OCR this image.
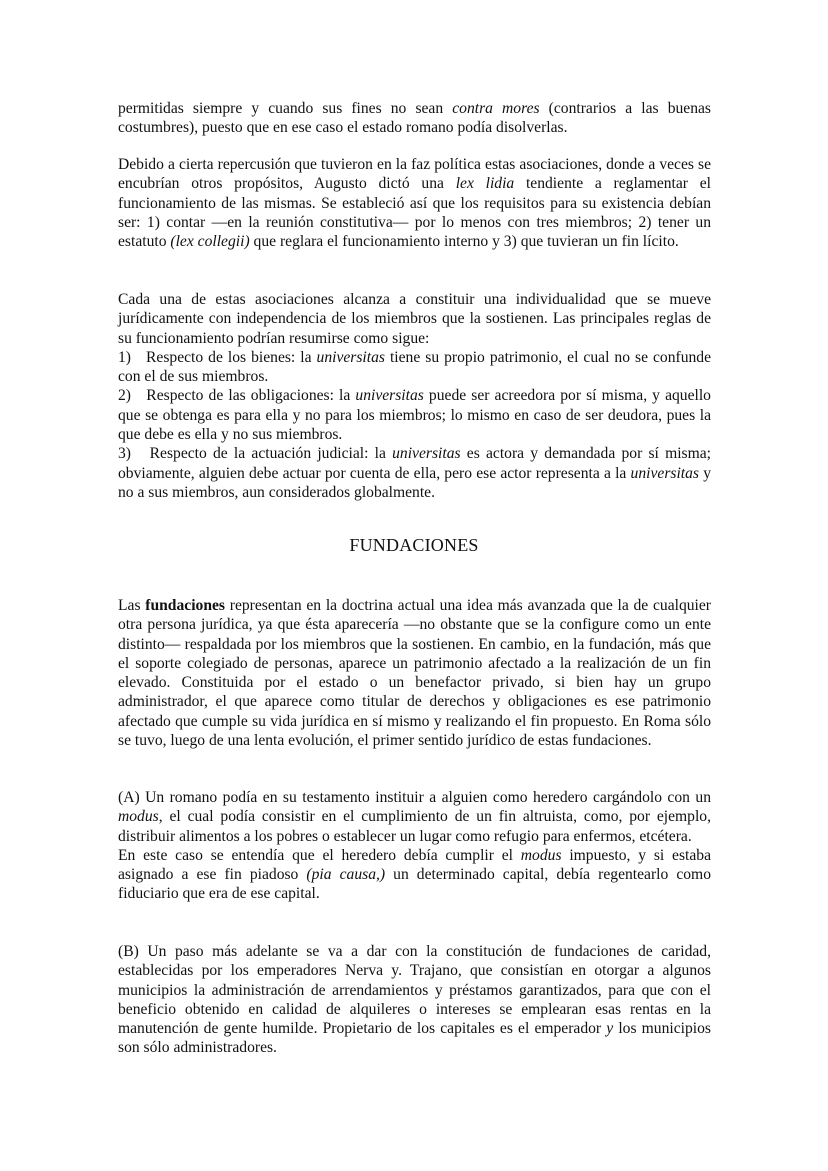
permitidas siempre y cuando sus fines no sean contra mores (contrarios a las buenas costumbres), puesto que en ese caso el estado romano podía disolverlas.
Debido a cierta repercusión que tuvieron en la faz política estas asociaciones, donde a veces se encubrían otros propósitos, Augusto dictó una lex lidia tendiente a reglamentar el funcionamiento de las mismas. Se estableció así que los requisitos para su existencia debían ser: 1) contar —en la reunión constitutiva— por lo menos con tres miembros; 2) tener un estatuto (lex collegii) que reglara el funcionamiento interno y 3) que tuvieran un fin lícito.
Cada una de estas asociaciones alcanza a constituir una individualidad que se mueve jurídicamente con independencia de los miembros que la sostienen. Las principales reglas de su funcionamiento podrían resumirse como sigue:
1) Respecto de los bienes: la universitas tiene su propio patrimonio, el cual no se confunde con el de sus miembros.
2) Respecto de las obligaciones: la universitas puede ser acreedora por sí misma, y aquello que se obtenga es para ella y no para los miembros; lo mismo en caso de ser deudora, pues la que debe es ella y no sus miembros.
3) Respecto de la actuación judicial: la universitas es actora y demandada por sí misma; obviamente, alguien debe actuar por cuenta de ella, pero ese actor representa a la universitas y no a sus miembros, aun considerados globalmente.
FUNDACIONES
Las fundaciones representan en la doctrina actual una idea más avanzada que la de cualquier otra persona jurídica, ya que ésta aparecería —no obstante que se la configure como un ente distinto— respaldada por los miembros que la sostienen. En cambio, en la fundación, más que el soporte colegiado de personas, aparece un patrimonio afectado a la realización de un fin elevado. Constituida por el estado o un benefactor privado, si bien hay un grupo administrador, el que aparece como titular de derechos y obligaciones es ese patrimonio afectado que cumple su vida jurídica en sí mismo y realizando el fin propuesto. En Roma sólo se tuvo, luego de una lenta evolución, el primer sentido jurídico de estas fundaciones.
(A) Un romano podía en su testamento instituir a alguien como heredero cargándolo con un modus, el cual podía consistir en el cumplimiento de un fin altruista, como, por ejemplo, distribuir alimentos a los pobres o establecer un lugar como refugio para enfermos, etcétera.
En este caso se entendía que el heredero debía cumplir el modus impuesto, y si estaba asignado a ese fin piadoso (pia causa,) un determinado capital, debía regentearlo como fiduciario que era de ese capital.
(B) Un paso más adelante se va a dar con la constitución de fundaciones de caridad, establecidas por los emperadores Nerva y. Trajano, que consistían en otorgar a algunos municipios la administración de arrendamientos y préstamos garantizados, para que con el beneficio obtenido en calidad de alquileres o intereses se emplearan esas rentas en la manutención de gente humilde. Propietario de los capitales es el emperador y los municipios son sólo administradores.
